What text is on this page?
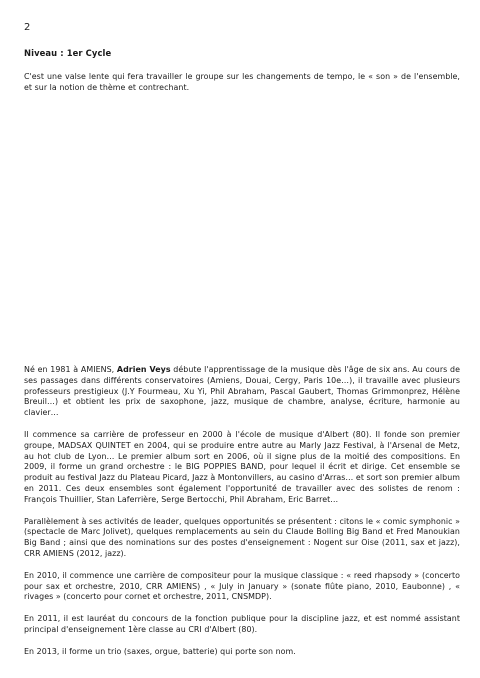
2

Niveau : 1er Cycle

C'est une valse lente qui fera travailler le groupe sur les changements de tempo, le « son » de l'ensemble, et sur la notion de thème et contrechant.

Né en 1981 à AMIENS, Adrien Veys débute l'apprentissage de la musique dès l'âge de six ans. Au cours de ses passages dans différents conservatoires (Amiens, Douai, Cergy, Paris 10e…), il travaille avec plusieurs professeurs prestigieux (J.Y Fourmeau, Xu Yi, Phil Abraham, Pascal Gaubert, Thomas Grimmonprez, Hélène Breuil…) et obtient les prix de saxophone, jazz, musique de chambre, analyse, écriture, harmonie au clavier…

Il commence sa carrière de professeur en 2000 à l'école de musique d'Albert (80). Il fonde son premier groupe, MADSAX QUINTET en 2004, qui se produire entre autre au Marly Jazz Festival, à l'Arsenal de Metz, au hot club de Lyon… Le premier album sort en 2006, où il signe plus de la moitié des compositions. En 2009, il forme un grand orchestre : le BIG POPPIES BAND, pour lequel il écrit et dirige. Cet ensemble se produit au festival Jazz du Plateau Picard, Jazz à Montonvillers, au casino d'Arras… et sort son premier album en 2011. Ces deux ensembles sont également l'opportunité de travailler avec des solistes de renom : François Thuillier, Stan Laferrière, Serge Bertocchi, Phil Abraham, Eric Barret…

Parallèlement à ses activités de leader, quelques opportunités se présentent : citons le « comic symphonic » (spectacle de Marc Jolivet), quelques remplacements au sein du Claude Bolling Big Band et Fred Manoukian Big Band ; ainsi que des nominations sur des postes d'enseignement : Nogent sur Oise (2011, sax et jazz), CRR AMIENS (2012, jazz).

En 2010, il commence une carrière de compositeur pour la musique classique : « reed rhapsody » (concerto pour sax et orchestre, 2010, CRR AMIENS) , « July in January » (sonate flûte piano, 2010, Eaubonne) , « rivages » (concerto pour cornet et orchestre, 2011, CNSMDP).

En 2011, il est lauréat du concours de la fonction publique pour la discipline jazz, et est nommé assistant principal d'enseignement 1ère classe au CRI d'Albert (80).

En 2013, il forme un trio (saxes, orgue, batterie) qui porte son nom.
